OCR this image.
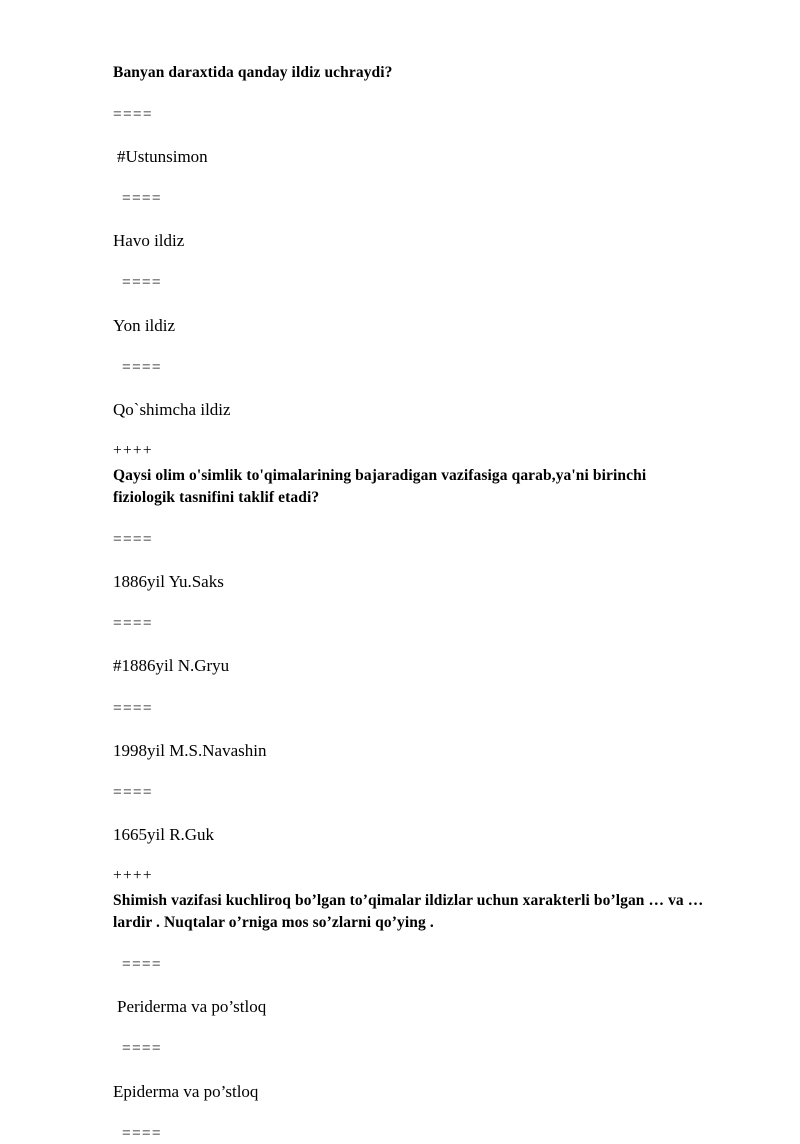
Banyan daraxtida qanday ildiz uchraydi?
====
#Ustunsimon
====
Havo ildiz
====
Yon ildiz
====
Qo`shimcha ildiz
++++
Qaysi olim o'simlik to'qimalarining bajaradigan vazifasiga qarab,ya'ni birinchi fiziologik tasnifini taklif etadi?
====
1886yil Yu.Saks
====
#1886yil N.Gryu
====
1998yil M.S.Navashin
====
1665yil R.Guk
++++
Shimish vazifasi kuchliroq bo’lgan to’qimalar ildizlar uchun xarakterli bo’lgan … va … lardir . Nuqtalar o’rniga mos so’zlarni qo’ying .
====
Periderma va po’stloq
====
Epiderma va po’stloq
====
